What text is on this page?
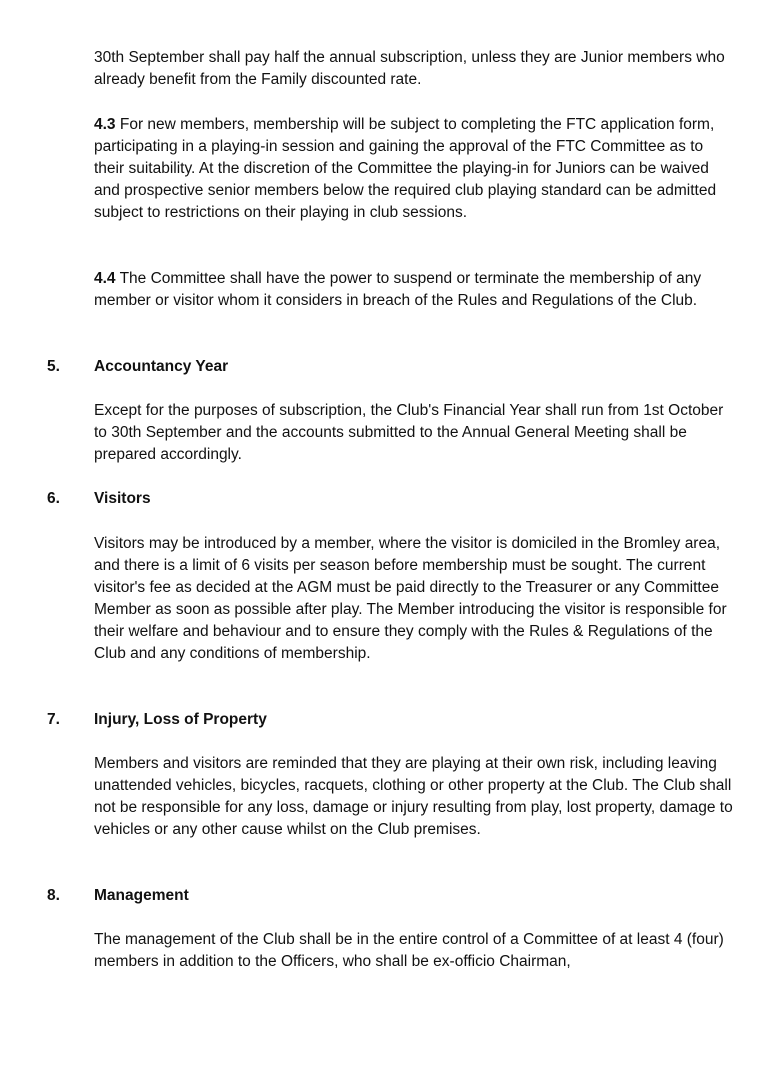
30th September shall pay half the annual subscription, unless they are Junior members who already benefit from the Family discounted rate.

4.3 For new members, membership will be subject to completing the FTC application form, participating in a playing-in session and gaining the approval of the FTC Committee as to their suitability. At the discretion of the Committee the playing-in for Juniors can be waived and prospective senior members below the required club playing standard can be admitted subject to restrictions on their playing in club sessions.

4.4 The Committee shall have the power to suspend or terminate the membership of any member or visitor whom it considers in breach of the Rules and Regulations of the Club.

5. Accountancy Year

Except for the purposes of subscription, the Club's Financial Year shall run from 1st October to 30th September and the accounts submitted to the Annual General Meeting shall be prepared accordingly.

6. Visitors

Visitors may be introduced by a member, where the visitor is domiciled in the Bromley area, and there is a limit of 6 visits per season before membership must be sought. The current visitor's fee as decided at the AGM must be paid directly to the Treasurer or any Committee Member as soon as possible after play. The Member introducing the visitor is responsible for their welfare and behaviour and to ensure they comply with the Rules & Regulations of the Club and any conditions of membership.

7. Injury, Loss of Property

Members and visitors are reminded that they are playing at their own risk, including leaving unattended vehicles, bicycles, racquets, clothing or other property at the Club. The Club shall not be responsible for any loss, damage or injury resulting from play, lost property, damage to vehicles or any other cause whilst on the Club premises.

8. Management

The management of the Club shall be in the entire control of a Committee of at least 4 (four) members in addition to the Officers, who shall be ex-officio Chairman,
